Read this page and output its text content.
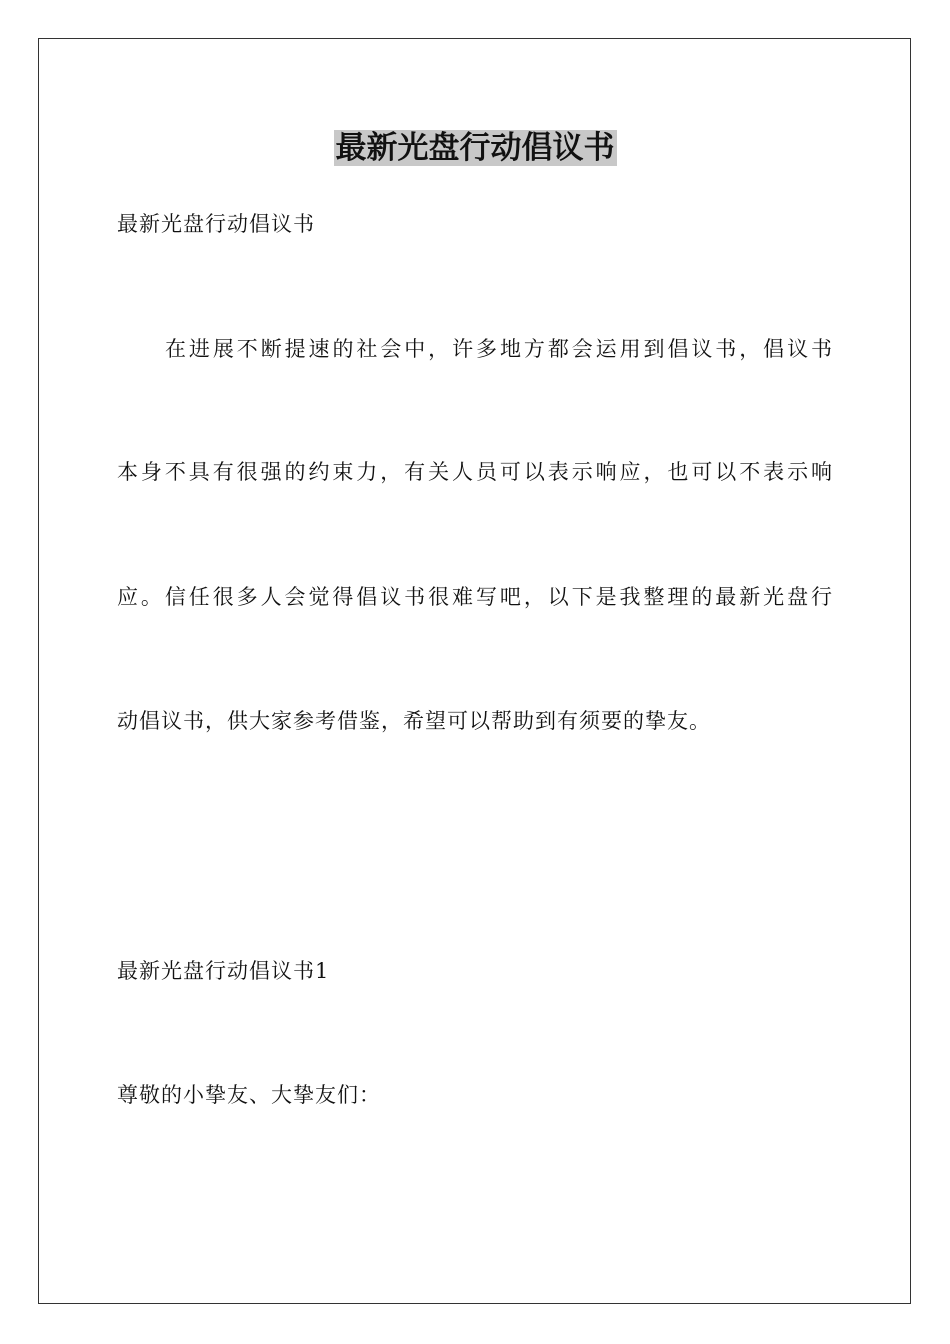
最新光盘行动倡议书
最新光盘行动倡议书
在进展不断提速的社会中，许多地方都会运用到倡议书，倡议书
本身不具有很强的约束力，有关人员可以表示响应，也可以不表示响
应。信任很多人会觉得倡议书很难写吧，以下是我整理的最新光盘行
动倡议书，供大家参考借鉴，希望可以帮助到有须要的挚友。
最新光盘行动倡议书1
尊敬的小挚友、大挚友们：
